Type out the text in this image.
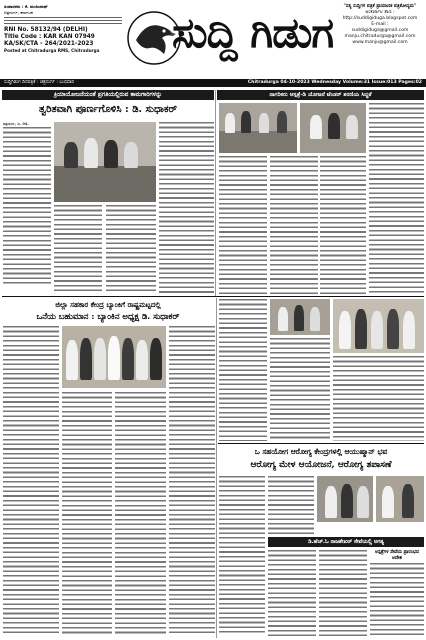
ಸಂಪಾದಕರು : ಕೆ. ಮಂಜುನಾಥ್
ಚಿತ್ರದುರ್ಗ, ಕರ್ನಾಟಕ
RNI No. 58132/94 (DELHI)
Title Code : KAR KAN 07949
KA/SK/CTA - 264/2021-2023
Posted at Chitradurga RMS, Chitradurga	ಸುದ್ದಿ ಗಿಡುಗ
"ಸತ್ಯ ಸುದ್ದಿಗಳ ಪತ್ರಿಕೆ ಪ್ರಾಮಾಣಿಕ ಪತ್ರಿಕೋದ್ಯಮ"
ಅಂತರ್ಜಾಲ ತಾಣ :
http://suddigiduga.blogspot.com
E-mail :
suddigiduga@gmail.com
manju.chitradurga@gmail.com
www.manju@gmail.com
ಸುದ್ದಿಗಿಡುಗ ದಿನಪತ್ರಿಕೆ : ಚಿತ್ರದುರ್ಗ : ಬುಧವಾರ	Chitradurga 04-10-2023 Wednesday Volume:31 Issue:013 Pages:02
ಕ್ರಿಯಾಯೋಜನೆಯಂತೆ ಪ್ರಗತಿಯಲ್ಲಿರುವ ಕಾಮಗಾರಿಗಳನ್ನು
ತ್ವರಿತವಾಗಿ ಪೂರ್ಣಗೊಳಿಸಿ : ಡಿ. ಸುಧಾಕರ್
ಚಿತ್ರದುರ್ಗ, ಅ. 04.
ನಾಗರಿಕರು ಆಸ್ಪತ್ರೆ-ಡಿ ಯೋಜನೆ ಟೆಂಡರ್ ಶರಣಿಯ ಸಿದ್ಧತೆ
ಜಿಲ್ಲಾ ಸಹಕಾರ ಕೇಂದ್ರ ಬ್ಯಾಂಕಿಗೆ ರಾಷ್ಟ್ರಮಟ್ಟದಲ್ಲಿ
ಒನೆಯ ಬಹುಮಾನ : ಬ್ಯಾಂಕಿನ ಅಧ್ಯಕ್ಷ ಡಿ. ಸುಧಾಕರ್
ಒ ಸಹಯೋಗ ಆರೋಗ್ಯ ಕೇಂದ್ರಗಳಲ್ಲಿ ಆಯುಷ್ಮಾನ್ ಭವ
ಆರೋಗ್ಯ ಮೇಳ ಆಯೋಜನೆ, ಆರೋಗ್ಯ ತಪಾಸಣೆ
ಡಿ.ಹೆಚ್.ಓ ರಾಜಶೇಖರ್ ಸೇವೆಯಲ್ಲಿ ಅಗತ್ಯ
ಆಸ್ಪತ್ರೆಗಳ ಸೇವೆಯ ಪ್ರಾರಂಭದ ಆದೇಶ
